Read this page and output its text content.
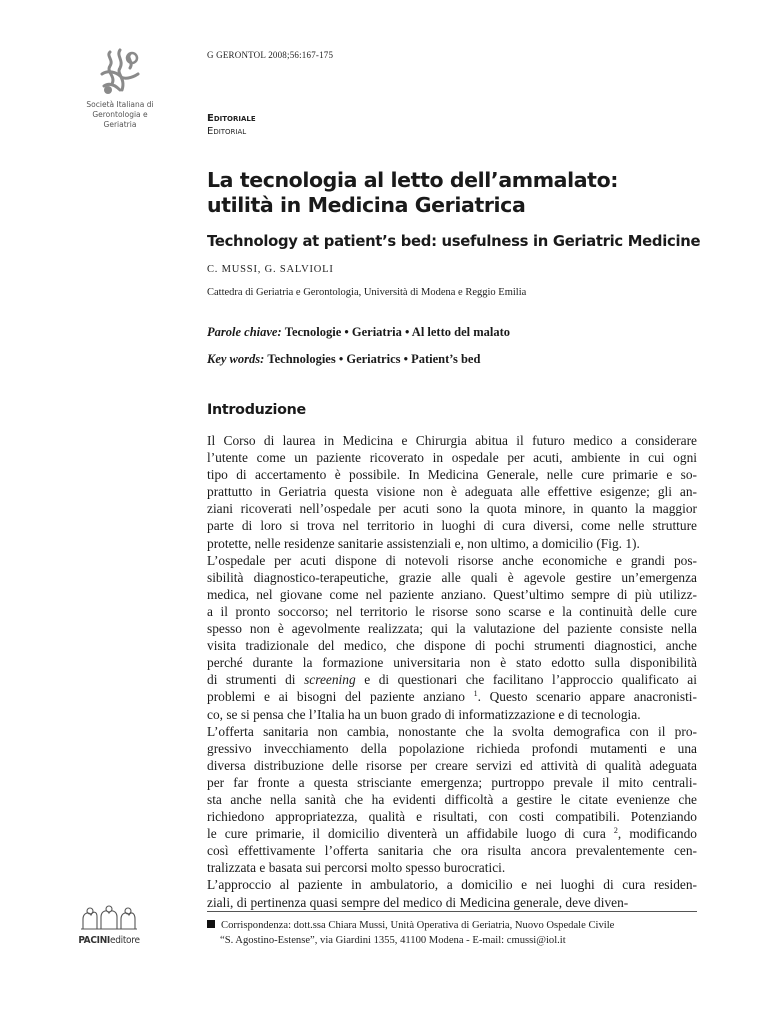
Società Italiana di
Gerontologia e
Geriatria
G GERONTOL 2008;56:167-175
Editoriale
Editorial
La tecnologia al letto dell’ammalato:
utilità in Medicina Geriatrica
Technology at patient’s bed: usefulness in Geriatric Medicine
C. MUSSI, G. SALVIOLI
Cattedra di Geriatria e Gerontologia, Università di Modena e Reggio Emilia
Parole chiave: Tecnologie • Geriatria • Al letto del malato
Key words: Technologies • Geriatrics • Patient’s bed
Introduzione
Il Corso di laurea in Medicina e Chirurgia abitua il futuro medico a considerare
l’utente come un paziente ricoverato in ospedale per acuti, ambiente in cui ogni
tipo di accertamento è possibile. In Medicina Generale, nelle cure primarie e so-
prattutto in Geriatria questa visione non è adeguata alle effettive esigenze; gli an-
ziani ricoverati nell’ospedale per acuti sono la quota minore, in quanto la maggior
parte di loro si trova nel territorio in luoghi di cura diversi, come nelle strutture
protette, nelle residenze sanitarie assistenziali e, non ultimo, a domicilio (Fig. 1).
L’ospedale per acuti dispone di notevoli risorse anche economiche e grandi pos-
sibilità diagnostico-terapeutiche, grazie alle quali è agevole gestire un’emergenza
medica, nel giovane come nel paziente anziano. Quest’ultimo sempre di più utilizz-
a il pronto soccorso; nel territorio le risorse sono scarse e la continuità delle cure
spesso non è agevolmente realizzata; qui la valutazione del paziente consiste nella
visita tradizionale del medico, che dispone di pochi strumenti diagnostici, anche
perché durante la formazione universitaria non è stato edotto sulla disponibilità
di strumenti di screening e di questionari che facilitano l’approccio qualificato ai
problemi e ai bisogni del paziente anziano $^1$. Questo scenario appare anacronisti-
co, se si pensa che l’Italia ha un buon grado di informatizzazione e di tecnologia.
L’offerta sanitaria non cambia, nonostante che la svolta demografica con il pro-
gressivo invecchiamento della popolazione richieda profondi mutamenti e una
diversa distribuzione delle risorse per creare servizi ed attività di qualità adeguata
per far fronte a questa strisciante emergenza; purtroppo prevale il mito centrali-
sta anche nella sanità che ha evidenti difficoltà a gestire le citate evenienze che
richiedono appropriatezza, qualità e risultati, con costi compatibili. Potenziando
le cure primarie, il domicilio diventerà un affidabile luogo di cura $^2$, modificando
così effettivamente l’offerta sanitaria che ora risulta ancora prevalentemente cen-
tralizzata e basata sui percorsi molto spesso burocratici.
L’approccio al paziente in ambulatorio, a domicilio e nei luoghi di cura residen-
ziali, di pertinenza quasi sempre del medico di Medicina generale, deve diven-
Corrispondenza: dott.ssa Chiara Mussi, Unità Operativa di Geriatria, Nuovo Ospedale Civile
“S. Agostino-Estense”, via Giardini 1355, 41100 Modena - E-mail: cmussi@iol.it
PACINIeditore
